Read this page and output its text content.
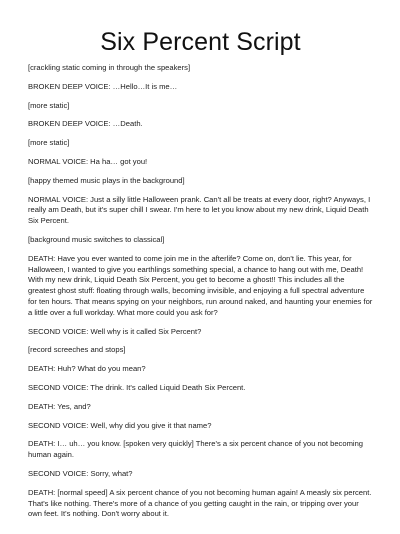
Six Percent Script

[crackling static coming in through the speakers]

BROKEN DEEP VOICE: …Hello…It is me…

[more static]

BROKEN DEEP VOICE: …Death.

[more static]

NORMAL VOICE: Ha ha… got you!

[happy themed music plays in the background]

NORMAL VOICE: Just a silly little Halloween prank. Can't all be treats at every door, right? Anyways, I really am Death, but it's super chill I swear. I'm here to let you know about my new drink, Liquid Death Six Percent.

[background music switches to classical]

DEATH: Have you ever wanted to come join me in the afterlife? Come on, don't lie. This year, for Halloween, I wanted to give you earthlings something special, a chance to hang out with me, Death! With my new drink, Liquid Death Six Percent, you get to become a ghost!! This includes all the greatest ghost stuff: floating through walls, becoming invisible, and enjoying a full spectral adventure for ten hours. That means spying on your neighbors, run around naked, and haunting your enemies for a little over a full workday. What more could you ask for?

SECOND VOICE: Well why is it called Six Percent?

[record screeches and stops]

DEATH: Huh? What do you mean?

SECOND VOICE: The drink. It's called Liquid Death Six Percent.

DEATH: Yes, and?

SECOND VOICE: Well, why did you give it that name?

DEATH: I… uh… you know. [spoken very quickly] There's a six percent chance of you not becoming human again.

SECOND VOICE: Sorry, what?

DEATH: [normal speed] A six percent chance of you not becoming human again! A measly six percent. That's like nothing. There's more of a chance of you getting caught in the rain, or tripping over your own feet. It's nothing. Don't worry about it.
